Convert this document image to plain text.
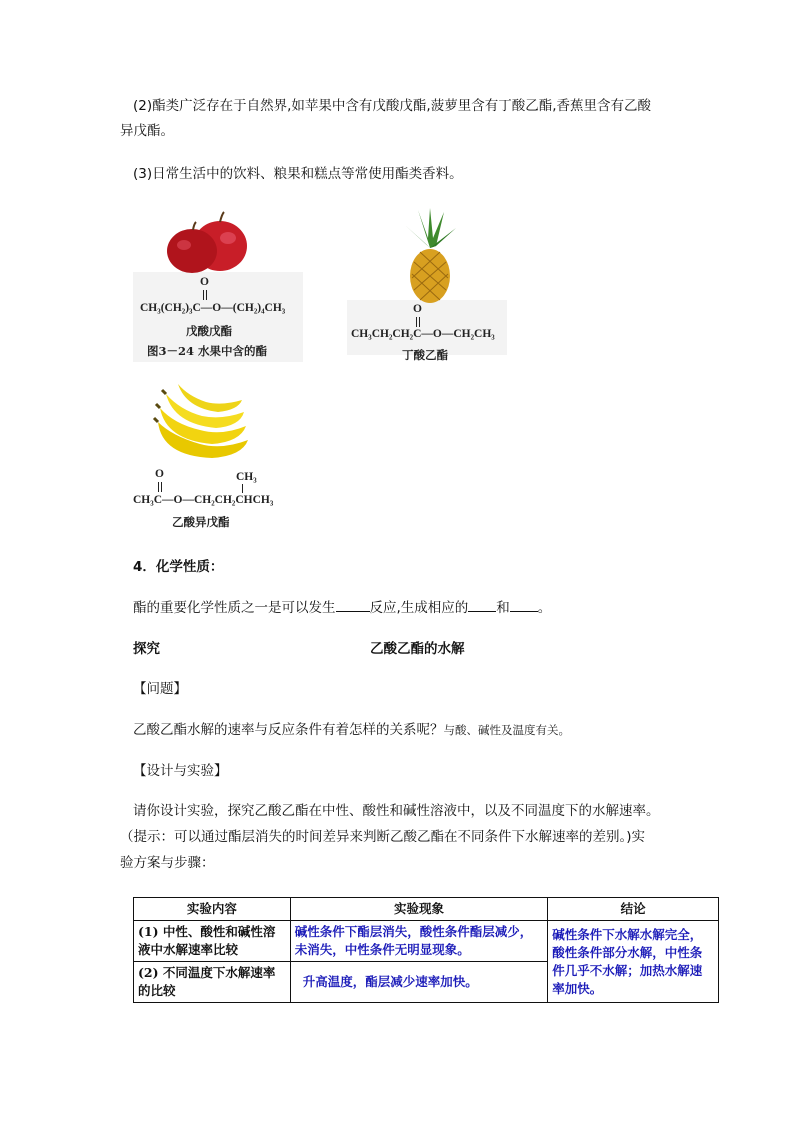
(2)酯类广泛存在于自然界,如苹果中含有戊酸戊酯,菠萝里含有丁酸乙酯,香蕉里含有乙酸
异戊酯。
(3)日常生活中的饮料、粮果和糕点等常使用酯类香料。
O
CH₃(CH₂)₃C—O—(CH₂)₄CH₃
戊酸戊酯
图3－24 水果中含的酯
O
CH₃CH₂CH₂C—O—CH₂CH₃
丁酸乙酯
O	CH₃
CH₃C—O—CH₂CH₂CHCH₃
乙酸异戊酯
4．化学性质：
酯的重要化学性质之一是可以发生	反应,生成相应的 和 。
探究	乙酸乙酯的水解
【问题】
乙酸乙酯水解的速率与反应条件有着怎样的关系呢？与酸、碱性及温度有关。
【设计与实验】
请你设计实验，探究乙酸乙酯在中性、酸性和碱性溶液中，以及不同温度下的水解速率。
（提示：可以通过酯层消失的时间差异来判断乙酸乙酯在不同条件下水解速率的差别。)实
验方案与步骤：
实验内容	实验现象	结论
(1) 中性、酸性和碱性溶液中水解速率比较	碱性条件下酯层消失，酸性条件酯层减少，未消失，中性条件无明显现象。	碱性条件下水解水解完全，酸性条件部分水解，中性条件几乎不水解；加热水解速率加快。
(2) 不同温度下水解速率的比较	升高温度，酯层减少速率加快。	
